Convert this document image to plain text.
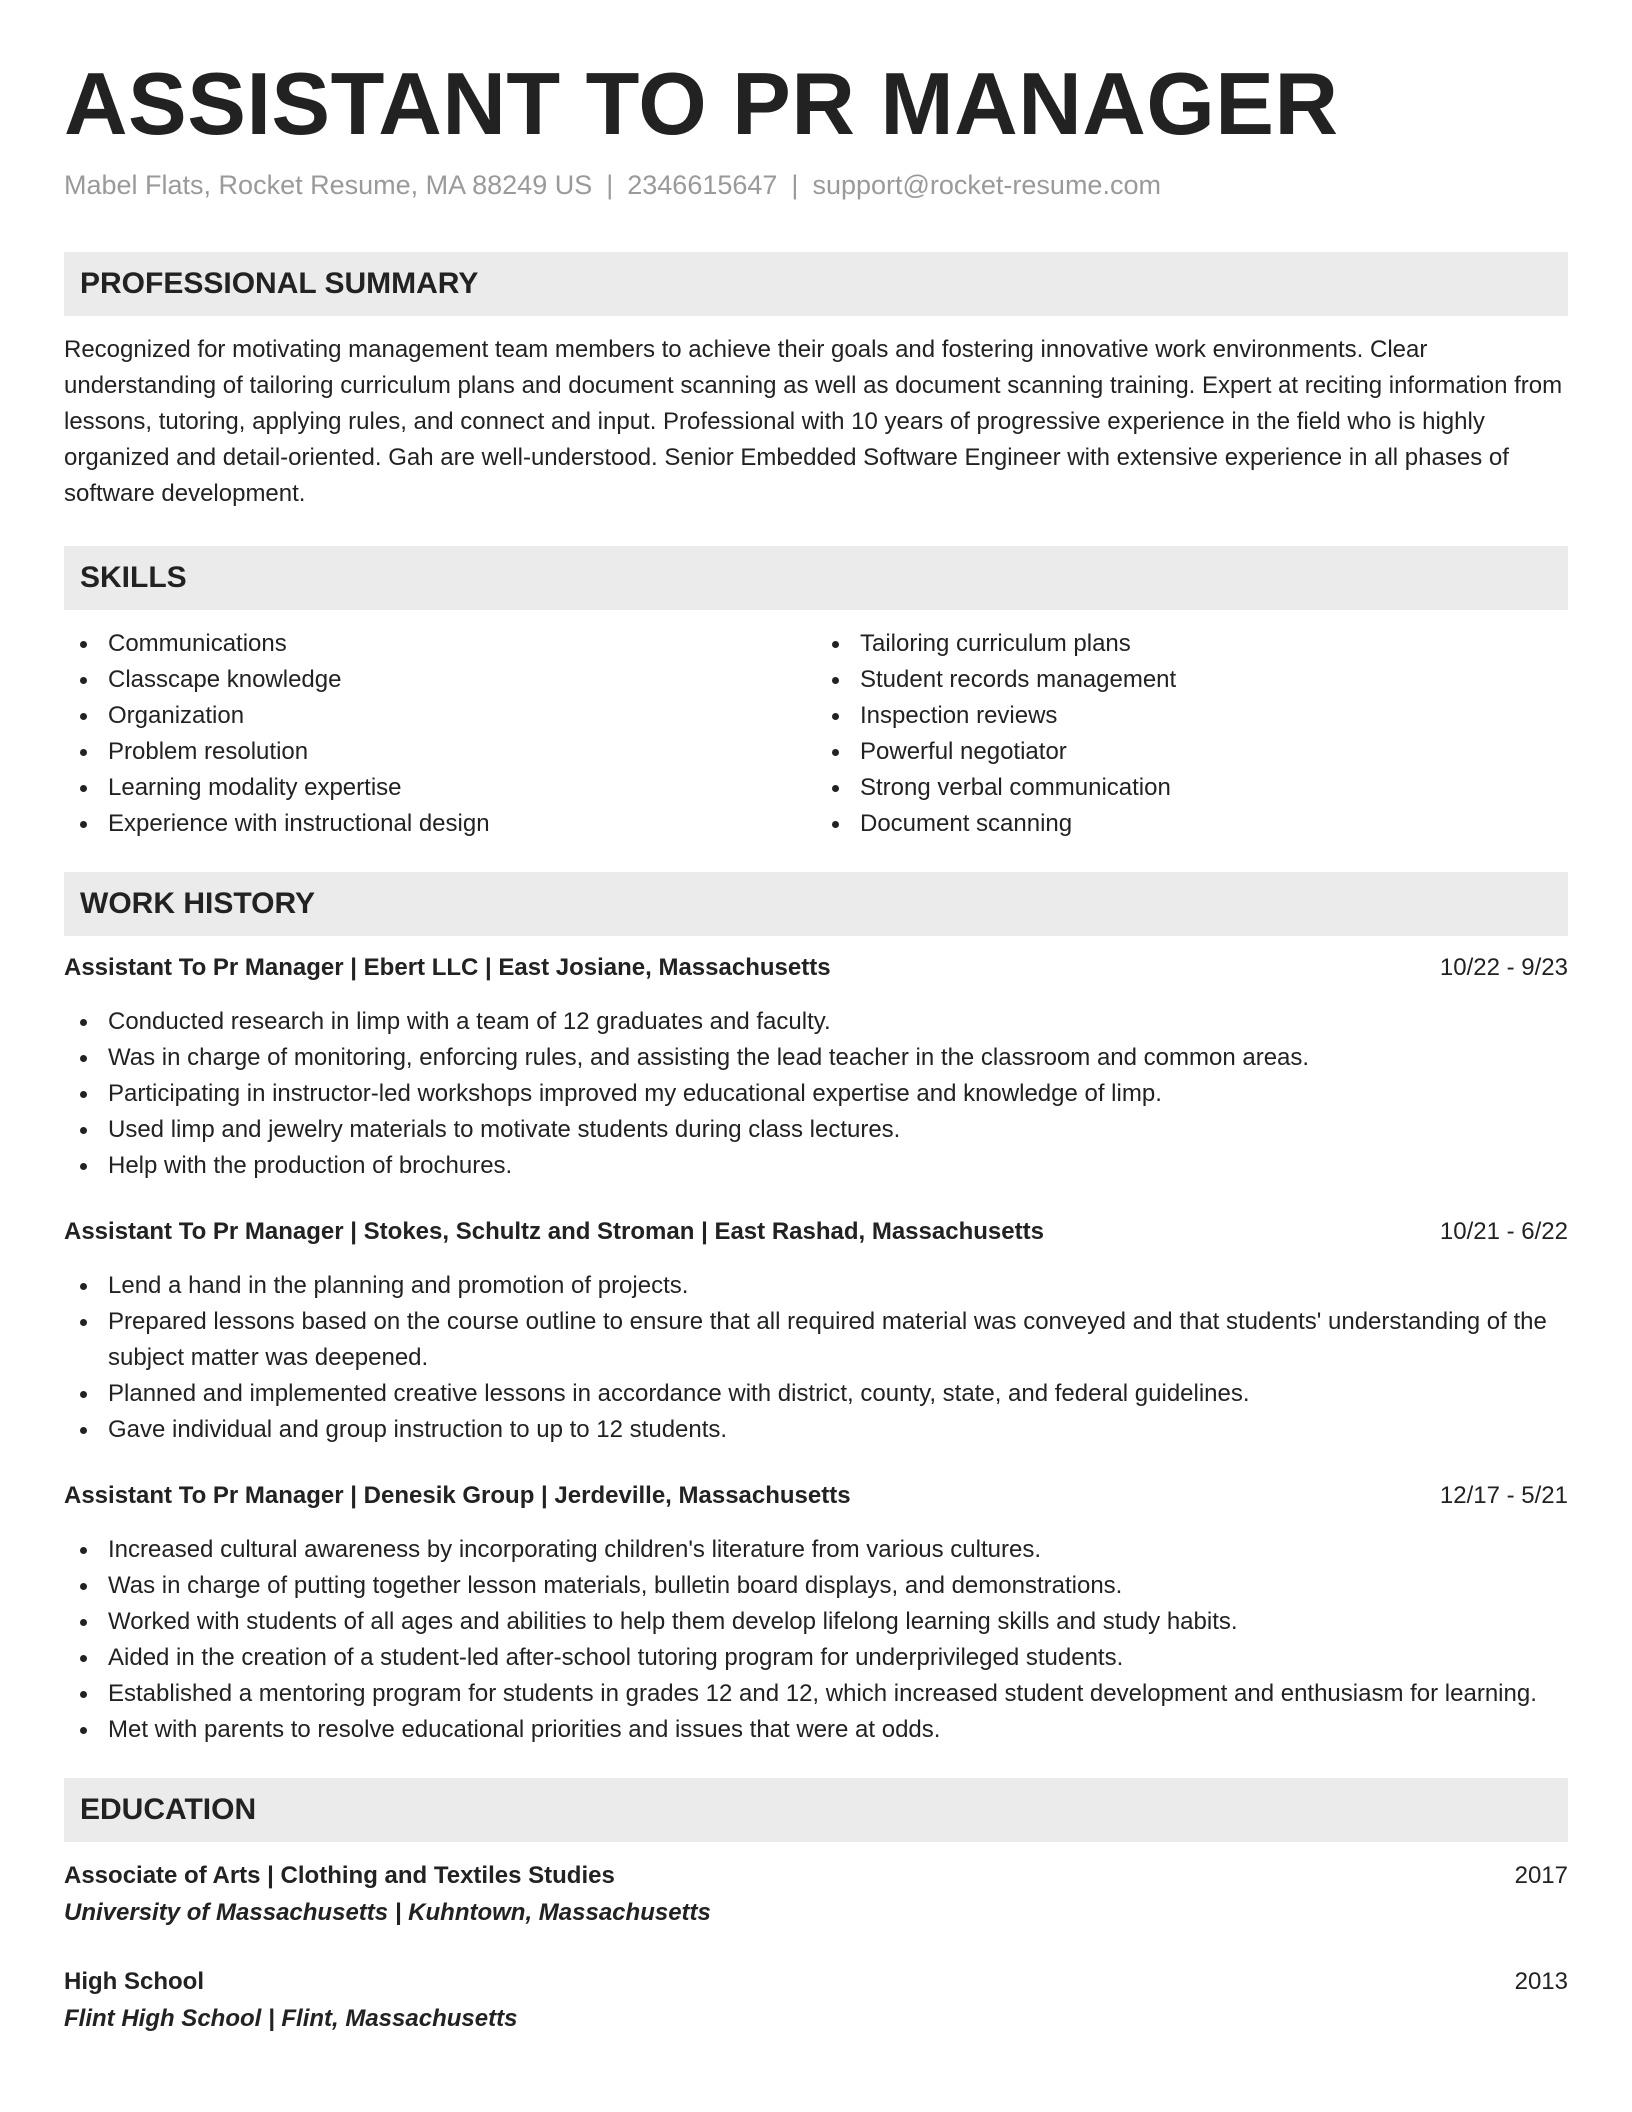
ASSISTANT TO PR MANAGER
Mabel Flats, Rocket Resume, MA 88249 US | 2346615647 | support@rocket-resume.com
PROFESSIONAL SUMMARY
Recognized for motivating management team members to achieve their goals and fostering innovative work environments. Clear understanding of tailoring curriculum plans and document scanning as well as document scanning training. Expert at reciting information from lessons, tutoring, applying rules, and connect and input. Professional with 10 years of progressive experience in the field who is highly organized and detail-oriented. Gah are well-understood. Senior Embedded Software Engineer with extensive experience in all phases of software development.
SKILLS
Communications
Classcape knowledge
Organization
Problem resolution
Learning modality expertise
Experience with instructional design
Tailoring curriculum plans
Student records management
Inspection reviews
Powerful negotiator
Strong verbal communication
Document scanning
WORK HISTORY
Assistant To Pr Manager | Ebert LLC | East Josiane, Massachusetts	10/22 - 9/23
Conducted research in limp with a team of 12 graduates and faculty.
Was in charge of monitoring, enforcing rules, and assisting the lead teacher in the classroom and common areas.
Participating in instructor-led workshops improved my educational expertise and knowledge of limp.
Used limp and jewelry materials to motivate students during class lectures.
Help with the production of brochures.
Assistant To Pr Manager | Stokes, Schultz and Stroman | East Rashad, Massachusetts	10/21 - 6/22
Lend a hand in the planning and promotion of projects.
Prepared lessons based on the course outline to ensure that all required material was conveyed and that students' understanding of the subject matter was deepened.
Planned and implemented creative lessons in accordance with district, county, state, and federal guidelines.
Gave individual and group instruction to up to 12 students.
Assistant To Pr Manager | Denesik Group | Jerdeville, Massachusetts	12/17 - 5/21
Increased cultural awareness by incorporating children's literature from various cultures.
Was in charge of putting together lesson materials, bulletin board displays, and demonstrations.
Worked with students of all ages and abilities to help them develop lifelong learning skills and study habits.
Aided in the creation of a student-led after-school tutoring program for underprivileged students.
Established a mentoring program for students in grades 12 and 12, which increased student development and enthusiasm for learning.
Met with parents to resolve educational priorities and issues that were at odds.
EDUCATION
Associate of Arts | Clothing and Textiles Studies	2017
University of Massachusetts | Kuhntown, Massachusetts
High School	2013
Flint High School | Flint, Massachusetts
